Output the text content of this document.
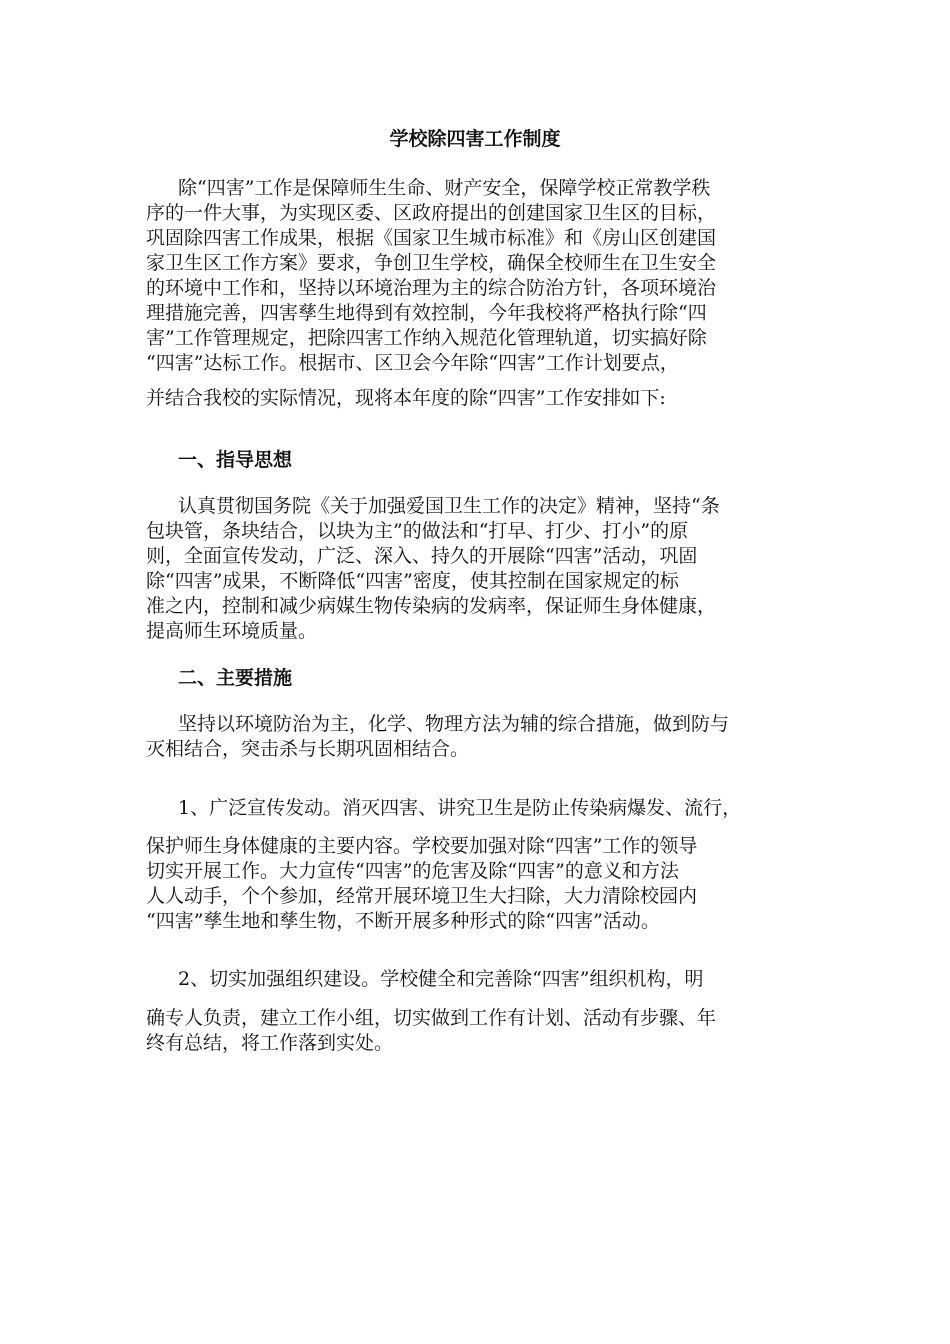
学校除四害工作制度
除“四害”工作是保障师生生命、财产安全，保障学校正常教学秩
序的一件大事，为实现区委、区政府提出的创建国家卫生区的目标，
巩固除四害工作成果，根据《国家卫生城市标准》和《房山区创建国
家卫生区工作方案》要求，争创卫生学校，确保全校师生在卫生安全
的环境中工作和，坚持以环境治理为主的综合防治方针，各项环境治
理措施完善，四害孳生地得到有效控制，今年我校将严格执行除“四
害”工作管理规定，把除四害工作纳入规范化管理轨道，切实搞好除
“四害”达标工作。根据市、区卫会今年除“四害”工作计划要点，
并结合我校的实际情况，现将本年度的除“四害”工作安排如下:
一、指导思想
认真贯彻国务院《关于加强爱国卫生工作的决定》精神，坚持“条
包块管，条块结合，以块为主”的做法和“打早、打少、打小”的原
则，全面宣传发动，广泛、深入、持久的开展除“四害”活动，巩固
除“四害”成果，不断降低“四害”密度，使其控制在国家规定的标
准之内，控制和减少病媒生物传染病的发病率，保证师生身体健康，
提高师生环境质量。
二、主要措施
坚持以环境防治为主，化学、物理方法为辅的综合措施，做到防与
灭相结合，突击杀与长期巩固相结合。
1、广泛宣传发动。消灭四害、讲究卫生是防止传染病爆发、流行，
保护师生身体健康的主要内容。学校要加强对除“四害”工作的领导
切实开展工作。大力宣传“四害”的危害及除“四害”的意义和方法
人人动手，个个参加，经常开展环境卫生大扫除，大力清除校园内
“四害”孳生地和孳生物，不断开展多种形式的除“四害”活动。
2、切实加强组织建设。学校健全和完善除“四害”组织机构，明
确专人负责，建立工作小组，切实做到工作有计划、活动有步骤、年
终有总结，将工作落到实处。
